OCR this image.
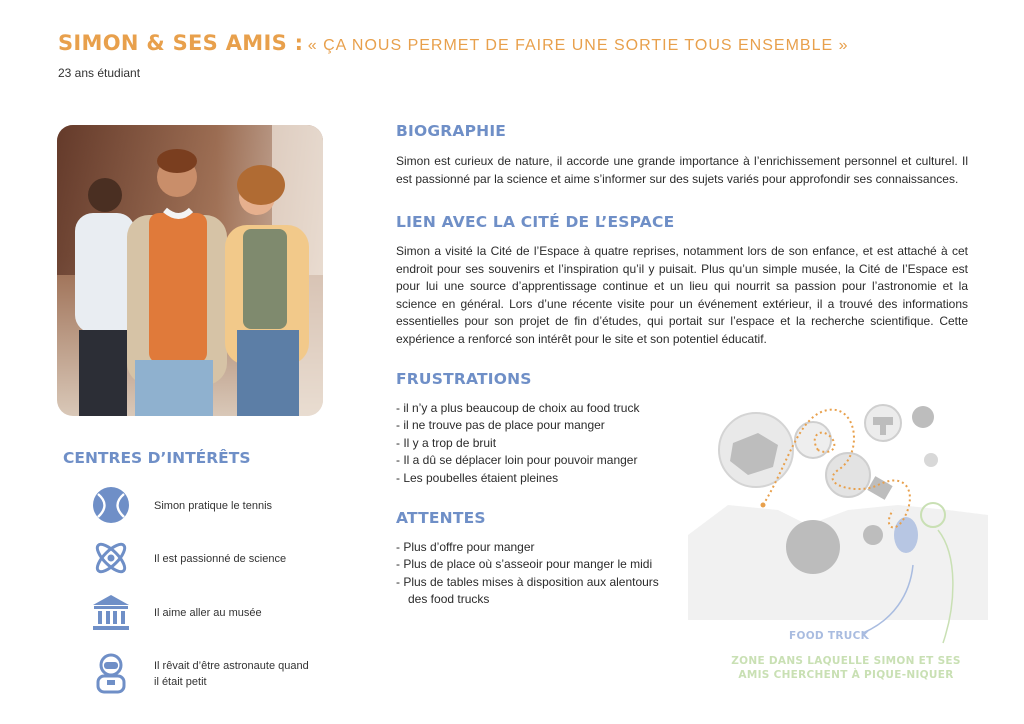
SIMON & SES AMIS : « ÇA NOUS PERMET DE FAIRE UNE SORTIE TOUS ENSEMBLE »
23 ans étudiant
BIOGRAPHIE

Simon est curieux de nature, il accorde une grande importance à l’enrichissement personnel et culturel. Il est passionné par la science et aime s’informer sur des sujets variés pour approfondir ses connaissances.

LIEN AVEC LA CITÉ DE L’ESPACE

Simon a visité la Cité de l’Espace à quatre reprises, notamment lors de son enfance, et est attaché à cet endroit pour ses souvenirs et l’inspiration qu’il y puisait. Plus qu’un simple musée, la Cité de l’Espace est pour lui une source d’apprentissage continue et un lieu qui nourrit sa passion pour l’astronomie et la science en général. Lors d’une récente visite pour un événement extérieur, il a trouvé des informations essentielles pour son projet de fin d’études, qui portait sur l’espace et la recherche scientifique. Cette expérience a renforcé son intérêt pour le site et son potentiel éducatif.

FRUSTRATIONS
- il n’y a plus beaucoup de choix au food truck
- il ne trouve pas de place pour manger
- Il y a trop de bruit
- Il a dû se déplacer loin pour pouvoir manger
- Les poubelles étaient pleines
ATTENTES
- Plus d’offre pour manger
- Plus de place où s’asseoir pour manger le midi
- Plus de tables mises à disposition aux alentours
des food trucks
CENTRES D’INTÉRÊTS
Simon pratique le tennis
Il est passionné de science
Il aime aller au musée
Il rêvait d’être astronaute quand il était petit
FOOD TRUCK
ZONE DANS LAQUELLE SIMON ET SES AMIS CHERCHENT À PIQUE-NIQUER
